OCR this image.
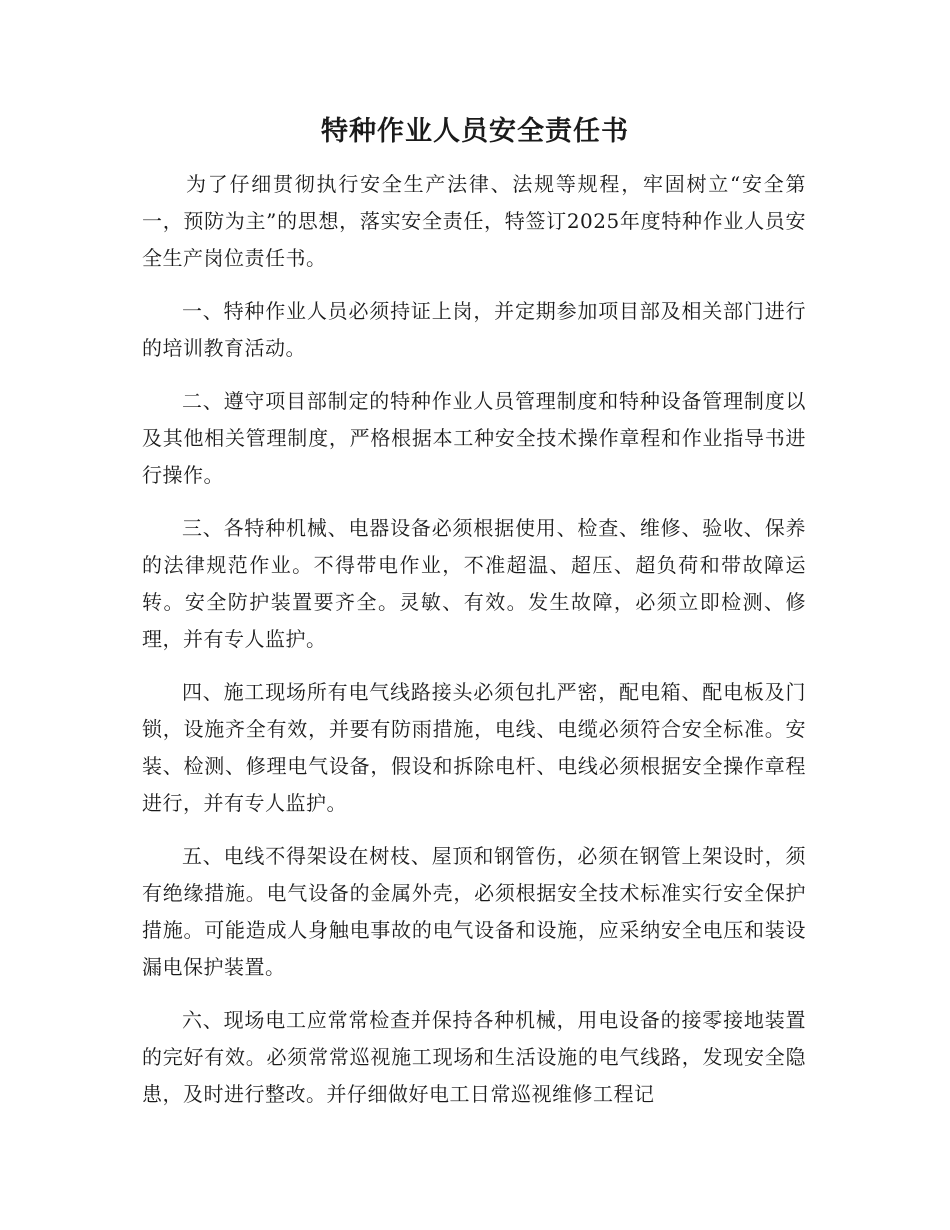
特种作业人员安全责任书

为了仔细贯彻执行安全生产法律、法规等规程，牢固树立“安全第一，预防为主”的思想，落实安全责任，特签订2025年度特种作业人员安全生产岗位责任书。

一、特种作业人员必须持证上岗，并定期参加项目部及相关部门进行的培训教育活动。

二、遵守项目部制定的特种作业人员管理制度和特种设备管理制度以及其他相关管理制度，严格根据本工种安全技术操作章程和作业指导书进行操作。

三、各特种机械、电器设备必须根据使用、检查、维修、验收、保养的法律规范作业。不得带电作业，不准超温、超压、超负荷和带故障运转。安全防护装置要齐全。灵敏、有效。发生故障，必须立即检测、修理，并有专人监护。

四、施工现场所有电气线路接头必须包扎严密，配电箱、配电板及门锁，设施齐全有效，并要有防雨措施，电线、电缆必须符合安全标准。安装、检测、修理电气设备，假设和拆除电杆、电线必须根据安全操作章程进行，并有专人监护。

五、电线不得架设在树枝、屋顶和钢管伤，必须在钢管上架设时，须有绝缘措施。电气设备的金属外壳，必须根据安全技术标准实行安全保护措施。可能造成人身触电事故的电气设备和设施，应采纳安全电压和装设漏电保护装置。

六、现场电工应常常检查并保持各种机械，用电设备的接零接地装置的完好有效。必须常常巡视施工现场和生活设施的电气线路，发现安全隐患，及时进行整改。并仔细做好电工日常巡视维修工程记
